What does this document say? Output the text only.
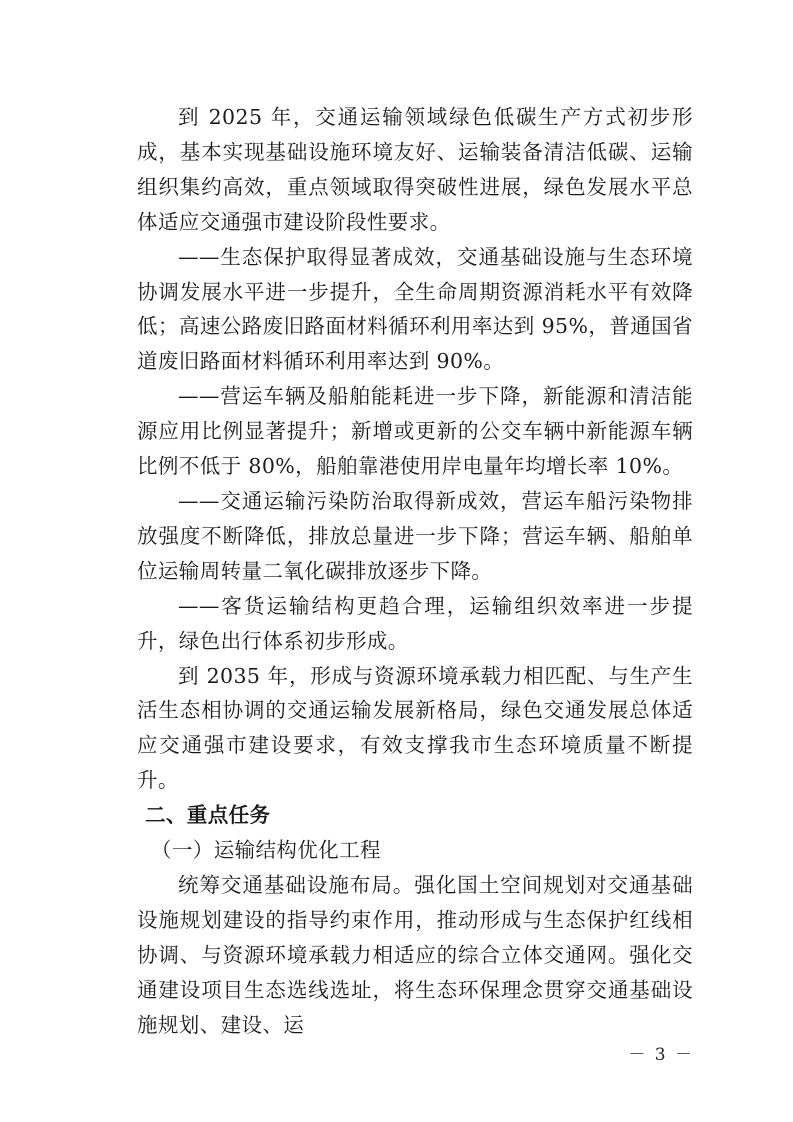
到 2025 年，交通运输领域绿色低碳生产方式初步形成，基本实现基础设施环境友好、运输装备清洁低碳、运输组织集约高效，重点领域取得突破性进展，绿色发展水平总体适应交通强市建设阶段性要求。

——生态保护取得显著成效，交通基础设施与生态环境协调发展水平进一步提升，全生命周期资源消耗水平有效降低；高速公路废旧路面材料循环利用率达到 95%，普通国省道废旧路面材料循环利用率达到 90%。

——营运车辆及船舶能耗进一步下降，新能源和清洁能源应用比例显著提升；新增或更新的公交车辆中新能源车辆比例不低于 80%，船舶靠港使用岸电量年均增长率 10%。

——交通运输污染防治取得新成效，营运车船污染物排放强度不断降低，排放总量进一步下降；营运车辆、船舶单位运输周转量二氧化碳排放逐步下降。

——客货运输结构更趋合理，运输组织效率进一步提升，绿色出行体系初步形成。

到 2035 年，形成与资源环境承载力相匹配、与生产生活生态相协调的交通运输发展新格局，绿色交通发展总体适应交通强市建设要求，有效支撑我市生态环境质量不断提升。

二、重点任务

（一）运输结构优化工程

统筹交通基础设施布局。强化国土空间规划对交通基础设施规划建设的指导约束作用，推动形成与生态保护红线相协调、与资源环境承载力相适应的综合立体交通网。强化交通建设项目生态选线选址，将生态环保理念贯穿交通基础设施规划、建设、运

－ 3 －
